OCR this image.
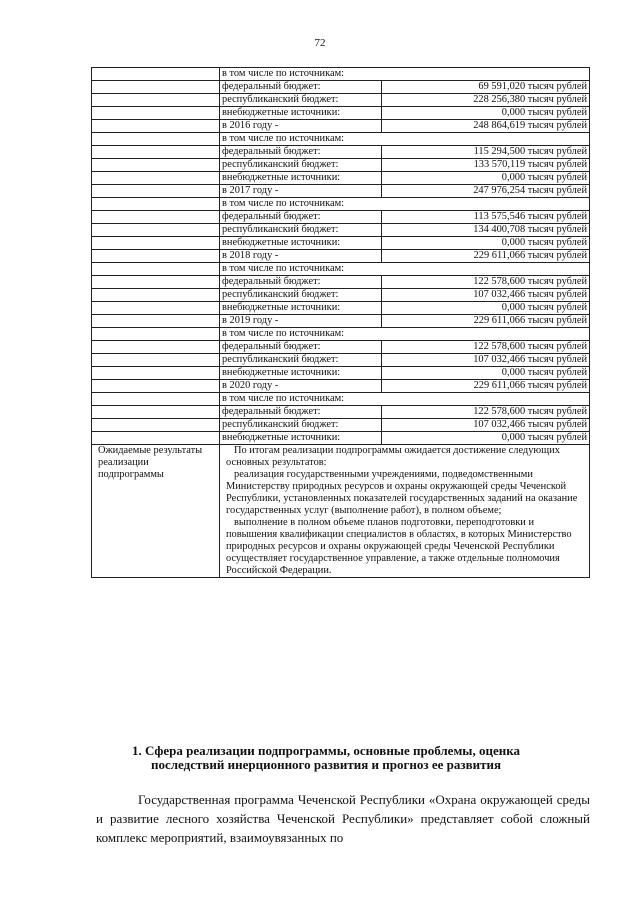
72
	в том числе по источникам:	
	федеральный бюджет:	69 591,020 тысяч рублей
	республиканский бюджет:	228 256,380 тысяч рублей
	внебюджетные источники:	0,000 тысяч рублей
	в 2016 году -	248 864,619 тысяч рублей
	в том числе по источникам:	
	федеральный бюджет:	115 294,500 тысяч рублей
	республиканский бюджет:	133 570,119 тысяч рублей
	внебюджетные источники:	0,000 тысяч рублей
	в 2017 году -	247 976,254 тысяч рублей
	в том числе по источникам:	
	федеральный бюджет:	113 575,546 тысяч рублей
	республиканский бюджет:	134 400,708 тысяч рублей
	внебюджетные источники:	0,000 тысяч рублей
	в 2018 году -	229 611,066 тысяч рублей
	в том числе по источникам:	
	федеральный бюджет:	122 578,600 тысяч рублей
	республиканский бюджет:	107 032,466 тысяч рублей
	внебюджетные источники:	0,000 тысяч рублей
	в 2019 году -	229 611,066 тысяч рублей
	в том числе по источникам:	
	федеральный бюджет:	122 578,600 тысяч рублей
	республиканский бюджет:	107 032,466 тысяч рублей
	внебюджетные источники:	0,000 тысяч рублей
	в 2020 году -	229 611,066 тысяч рублей
	в том числе по источникам:	
	федеральный бюджет:	122 578,600 тысяч рублей
	республиканский бюджет:	107 032,466 тысяч рублей
	внебюджетные источники:	0,000 тысяч рублей
Ожидаемые результаты реализации подпрограммы	По итогам реализации подпрограммы ожидается достижение следующих основных результатов:

реализация государственными учреждениями, подведомственными Министерству природных ресурсов и охраны окружающей среды Чеченской Республики, установленных показателей государственных заданий на оказание государственных услуг (выполнение работ), в полном объеме;

выполнение в полном объеме планов подготовки, переподготовки и повышения квалификации специалистов в областях, в которых Министерство природных ресурсов и охраны окружающей среды Чеченской Республики осуществляет государственное управление, а также отдельные полномочия Российской Федерации.	

1. Сфера реализации подпрограммы, основные проблемы, оценка последствий инерционного развития и прогноз ее развития

Государственная программа Чеченской Республики «Охрана окружающей среды и развитие лесного хозяйства Чеченской Республики» представляет собой сложный комплекс мероприятий, взаимоувязанных по
